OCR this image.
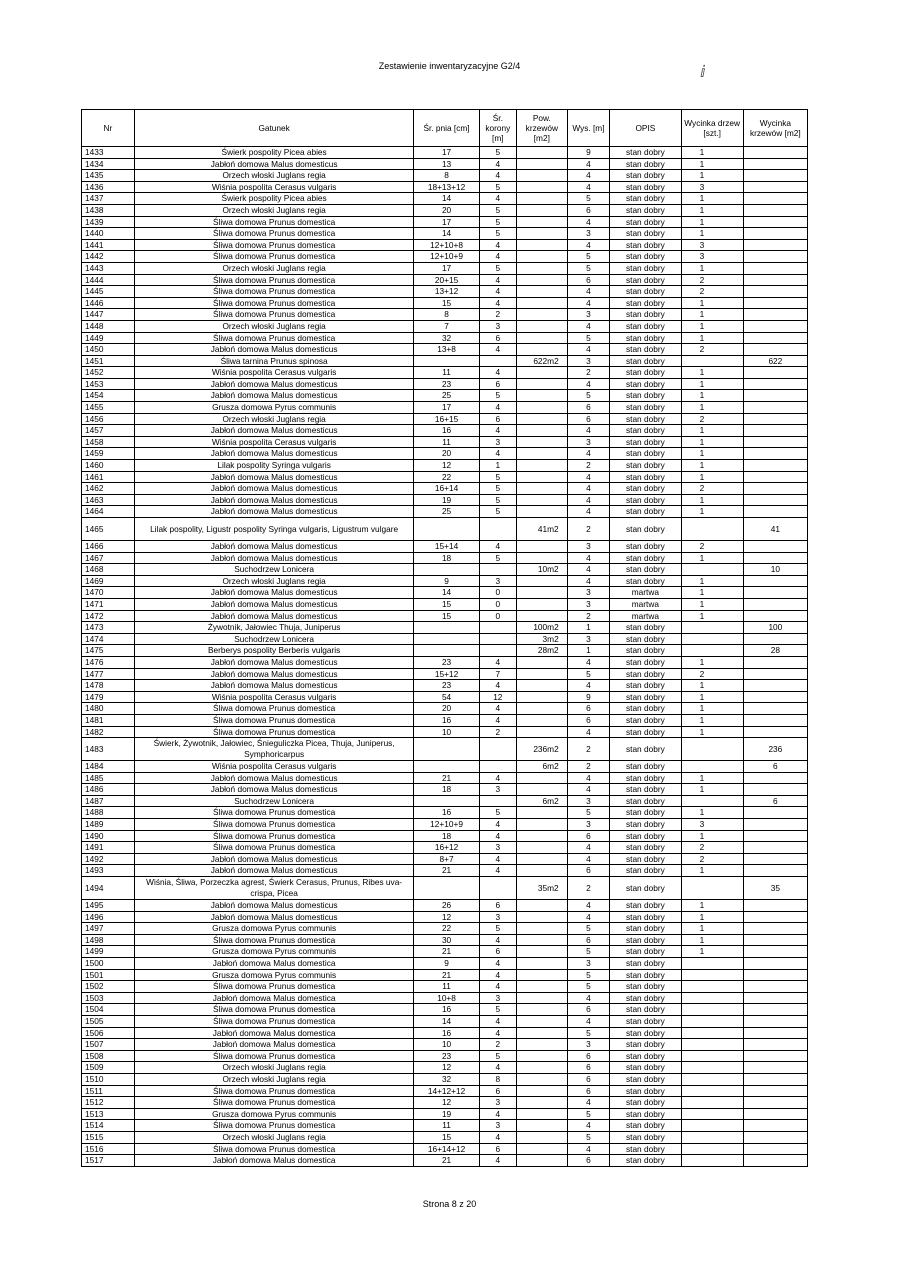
Zestawienie inwentaryzacyjne G2/4	ⅈ
Nr	Gatunek	Śr. pnia [cm]	Śr. korony [m]	Pow. krzewów [m2]	Wys. [m]	OPIS	Wycinka drzew [szt.]	Wycinka krzewów [m2]
1433	Świerk pospolity Picea abies	17	5		9	stan dobry	1	
1434	Jabłoń domowa Malus domesticus	13	4		4	stan dobry	1	
1435	Orzech włoski Juglans regia	8	4		4	stan dobry	1	
1436	Wiśnia pospolita Cerasus vulgaris	18+13+12	5		4	stan dobry	3	
1437	Świerk pospolity Picea abies	14	4		5	stan dobry	1	
1438	Orzech włoski Juglans regia	20	5		6	stan dobry	1	
1439	Śliwa domowa Prunus domestica	17	5		4	stan dobry	1	
1440	Śliwa domowa Prunus domestica	14	5		3	stan dobry	1	
1441	Śliwa domowa Prunus domestica	12+10+8	4		4	stan dobry	3	
1442	Śliwa domowa Prunus domestica	12+10+9	4		5	stan dobry	3	
1443	Orzech włoski Juglans regia	17	5		5	stan dobry	1	
1444	Śliwa domowa Prunus domestica	20+15	4		6	stan dobry	2	
1445	Śliwa domowa Prunus domestica	13+12	4		4	stan dobry	2	
1446	Śliwa domowa Prunus domestica	15	4		4	stan dobry	1	
1447	Śliwa domowa Prunus domestica	8	2		3	stan dobry	1	
1448	Orzech włoski Juglans regia	7	3		4	stan dobry	1	
1449	Śliwa domowa Prunus domestica	32	6		5	stan dobry	1	
1450	Jabłoń domowa Malus domesticus	13+8	4		4	stan dobry	2	
1451	Śliwa tarnina Prunus spinosa			622m2	3	stan dobry		622
1452	Wiśnia pospolita Cerasus vulgaris	11	4		2	stan dobry	1	
1453	Jabłoń domowa Malus domesticus	23	6		4	stan dobry	1	
1454	Jabłoń domowa Malus domesticus	25	5		5	stan dobry	1	
1455	Grusza domowa Pyrus communis	17	4		6	stan dobry	1	
1456	Orzech włoski Juglans regia	16+15	6		6	stan dobry	2	
1457	Jabłoń domowa Malus domesticus	16	4		4	stan dobry	1	
1458	Wiśnia pospolita Cerasus vulgaris	11	3		3	stan dobry	1	
1459	Jabłoń domowa Malus domesticus	20	4		4	stan dobry	1	
1460	Lilak pospolity Syringa vulgaris	12	1		2	stan dobry	1	
1461	Jabłoń domowa Malus domesticus	22	5		4	stan dobry	1	
1462	Jabłoń domowa Malus domesticus	16+14	5		4	stan dobry	2	
1463	Jabłoń domowa Malus domesticus	19	5		4	stan dobry	1	
1464	Jabłoń domowa Malus domesticus	25	5		4	stan dobry	1	
1465	Lilak pospolity, Ligustr pospolity Syringa vulgaris, Ligustrum vulgare			41m2	2	stan dobry		41
1466	Jabłoń domowa Malus domesticus	15+14	4		3	stan dobry	2	
1467	Jabłoń domowa Malus domesticus	18	5		4	stan dobry	1	
1468	Suchodrzew Lonicera			10m2	4	stan dobry		10
1469	Orzech włoski Juglans regia	9	3		4	stan dobry	1	
1470	Jabłoń domowa Malus domesticus	14	0		3	martwa	1	
1471	Jabłoń domowa Malus domesticus	15	0		3	martwa	1	
1472	Jabłoń domowa Malus domesticus	15	0		2	martwa	1	
1473	Żywotnik, Jałowiec Thuja, Juniperus			100m2	1	stan dobry		100
1474	Suchodrzew Lonicera			3m2	3	stan dobry		
1475	Berberys pospolity Berberis vulgaris			28m2	1	stan dobry		28
1476	Jabłoń domowa Malus domesticus	23	4		4	stan dobry	1	
1477	Jabłoń domowa Malus domesticus	15+12	7		5	stan dobry	2	
1478	Jabłoń domowa Malus domesticus	23	4		4	stan dobry	1	
1479	Wiśnia pospolita Cerasus vulgaris	54	12		9	stan dobry	1	
1480	Śliwa domowa Prunus domestica	20	4		6	stan dobry	1	
1481	Śliwa domowa Prunus domestica	16	4		6	stan dobry	1	
1482	Śliwa domowa Prunus domestica	10	2		4	stan dobry	1	
1483	Świerk, Żywotnik, Jałowiec, Śnieguliczka Picea, Thuja, Juniperus, Symphoricarpus			236m2	2	stan dobry		236
1484	Wiśnia pospolita Cerasus vulgaris			6m2	2	stan dobry		6
1485	Jabłoń domowa Malus domesticus	21	4		4	stan dobry	1	
1486	Jabłoń domowa Malus domesticus	18	3		4	stan dobry	1	
1487	Suchodrzew Lonicera			6m2	3	stan dobry		6
1488	Śliwa domowa Prunus domestica	16	5		5	stan dobry	1	
1489	Śliwa domowa Prunus domestica	12+10+9	4		3	stan dobry	3	
1490	Śliwa domowa Prunus domestica	18	4		6	stan dobry	1	
1491	Śliwa domowa Prunus domestica	16+12	3		4	stan dobry	2	
1492	Jabłoń domowa Malus domesticus	8+7	4		4	stan dobry	2	
1493	Jabłoń domowa Malus domesticus	21	4		6	stan dobry	1	
1494	Wiśnia, Śliwa, Porzeczka agrest, Świerk Cerasus, Prunus, Ribes uva-crispa, Picea			35m2	2	stan dobry		35
1495	Jabłoń domowa Malus domesticus	26	6		4	stan dobry	1	
1496	Jabłoń domowa Malus domesticus	12	3		4	stan dobry	1	
1497	Grusza domowa Pyrus communis	22	5		5	stan dobry	1	
1498	Śliwa domowa Prunus domestica	30	4		6	stan dobry	1	
1499	Grusza domowa Pyrus communis	21	6		5	stan dobry	1	
1500	Jabłoń domowa Malus domestica	9	4		3	stan dobry		
1501	Grusza domowa Pyrus communis	21	4		5	stan dobry		
1502	Śliwa domowa Prunus domestica	11	4		5	stan dobry		
1503	Jabłoń domowa Malus domestica	10+8	3		4	stan dobry		
1504	Śliwa domowa Prunus domestica	16	5		6	stan dobry		
1505	Śliwa domowa Prunus domestica	14	4		4	stan dobry		
1506	Jabłoń domowa Malus domestica	16	4		5	stan dobry		
1507	Jabłoń domowa Malus domestica	10	2		3	stan dobry		
1508	Śliwa domowa Prunus domestica	23	5		6	stan dobry		
1509	Orzech włoski Juglans regia	12	4		6	stan dobry		
1510	Orzech włoski Juglans regia	32	8		6	stan dobry		
1511	Śliwa domowa Prunus domestica	14+12+12	6		6	stan dobry		
1512	Śliwa domowa Prunus domestica	12	3		4	stan dobry		
1513	Grusza domowa Pyrus communis	19	4		5	stan dobry		
1514	Śliwa domowa Prunus domestica	11	3		4	stan dobry		
1515	Orzech włoski Juglans regia	15	4		5	stan dobry		
1516	Śliwa domowa Prunus domestica	16+14+12	6		4	stan dobry		
1517	Jabłoń domowa Malus domestica	21	4		6	stan dobry		
Strona 8 z 20
